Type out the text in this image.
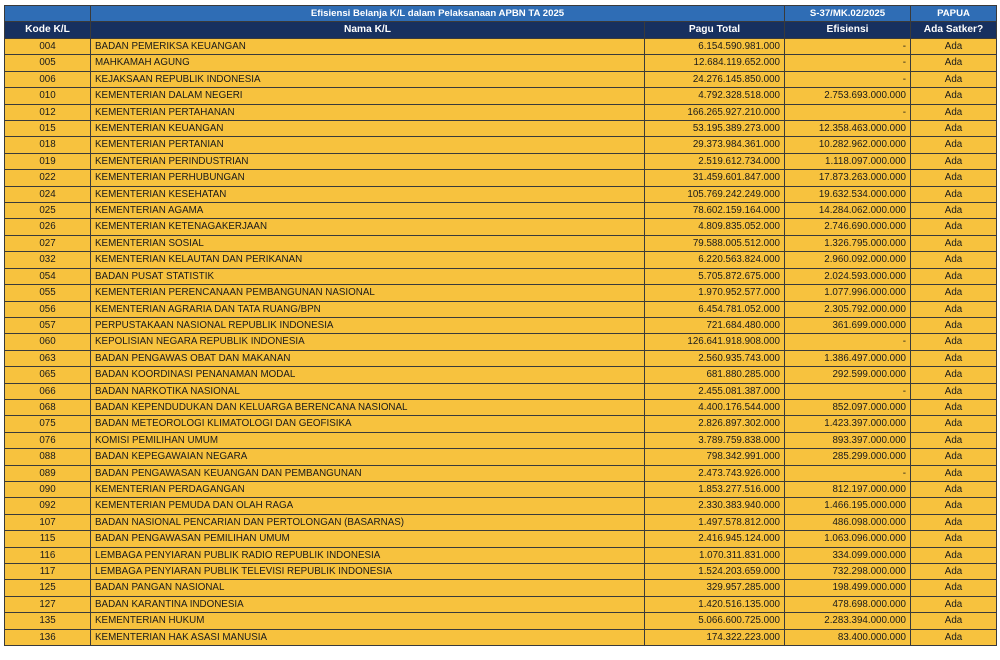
	Efisiensi Belanja K/L dalam Pelaksanaan APBN TA 2025		S-37/MK.02/2025	PAPUA
Kode K/L	Nama K/L	Pagu Total	Efisiensi	Ada Satker?
004	BADAN PEMERIKSA KEUANGAN	6.154.590.981.000	-	Ada
005	MAHKAMAH AGUNG	12.684.119.652.000	-	Ada
006	KEJAKSAAN REPUBLIK INDONESIA	24.276.145.850.000	-	Ada
010	KEMENTERIAN DALAM NEGERI	4.792.328.518.000	2.753.693.000.000	Ada
012	KEMENTERIAN PERTAHANAN	166.265.927.210.000	-	Ada
015	KEMENTERIAN KEUANGAN	53.195.389.273.000	12.358.463.000.000	Ada
018	KEMENTERIAN PERTANIAN	29.373.984.361.000	10.282.962.000.000	Ada
019	KEMENTERIAN PERINDUSTRIAN	2.519.612.734.000	1.118.097.000.000	Ada
022	KEMENTERIAN PERHUBUNGAN	31.459.601.847.000	17.873.263.000.000	Ada
024	KEMENTERIAN KESEHATAN	105.769.242.249.000	19.632.534.000.000	Ada
025	KEMENTERIAN AGAMA	78.602.159.164.000	14.284.062.000.000	Ada
026	KEMENTERIAN KETENAGAKERJAAN	4.809.835.052.000	2.746.690.000.000	Ada
027	KEMENTERIAN SOSIAL	79.588.005.512.000	1.326.795.000.000	Ada
032	KEMENTERIAN KELAUTAN DAN PERIKANAN	6.220.563.824.000	2.960.092.000.000	Ada
054	BADAN PUSAT STATISTIK	5.705.872.675.000	2.024.593.000.000	Ada
055	KEMENTERIAN PERENCANAAN PEMBANGUNAN NASIONAL	1.970.952.577.000	1.077.996.000.000	Ada
056	KEMENTERIAN AGRARIA DAN TATA RUANG/BPN	6.454.781.052.000	2.305.792.000.000	Ada
057	PERPUSTAKAAN NASIONAL REPUBLIK INDONESIA	721.684.480.000	361.699.000.000	Ada
060	KEPOLISIAN NEGARA REPUBLIK INDONESIA	126.641.918.908.000	-	Ada
063	BADAN PENGAWAS OBAT DAN MAKANAN	2.560.935.743.000	1.386.497.000.000	Ada
065	BADAN KOORDINASI PENANAMAN MODAL	681.880.285.000	292.599.000.000	Ada
066	BADAN NARKOTIKA NASIONAL	2.455.081.387.000	-	Ada
068	BADAN KEPENDUDUKAN DAN KELUARGA BERENCANA NASIONAL	4.400.176.544.000	852.097.000.000	Ada
075	BADAN METEOROLOGI KLIMATOLOGI DAN GEOFISIKA	2.826.897.302.000	1.423.397.000.000	Ada
076	KOMISI PEMILIHAN UMUM	3.789.759.838.000	893.397.000.000	Ada
088	BADAN KEPEGAWAIAN NEGARA	798.342.991.000	285.299.000.000	Ada
089	BADAN PENGAWASAN KEUANGAN DAN PEMBANGUNAN	2.473.743.926.000	-	Ada
090	KEMENTERIAN PERDAGANGAN	1.853.277.516.000	812.197.000.000	Ada
092	KEMENTERIAN PEMUDA DAN OLAH RAGA	2.330.383.940.000	1.466.195.000.000	Ada
107	BADAN NASIONAL PENCARIAN DAN PERTOLONGAN (BASARNAS)	1.497.578.812.000	486.098.000.000	Ada
115	BADAN PENGAWASAN PEMILIHAN UMUM	2.416.945.124.000	1.063.096.000.000	Ada
116	LEMBAGA PENYIARAN PUBLIK RADIO REPUBLIK INDONESIA	1.070.311.831.000	334.099.000.000	Ada
117	LEMBAGA PENYIARAN PUBLIK TELEVISI REPUBLIK INDONESIA	1.524.203.659.000	732.298.000.000	Ada
125	BADAN PANGAN NASIONAL	329.957.285.000	198.499.000.000	Ada
127	BADAN KARANTINA INDONESIA	1.420.516.135.000	478.698.000.000	Ada
135	KEMENTERIAN HUKUM	5.066.600.725.000	2.283.394.000.000	Ada
136	KEMENTERIAN HAK ASASI MANUSIA	174.322.223.000	83.400.000.000	Ada
